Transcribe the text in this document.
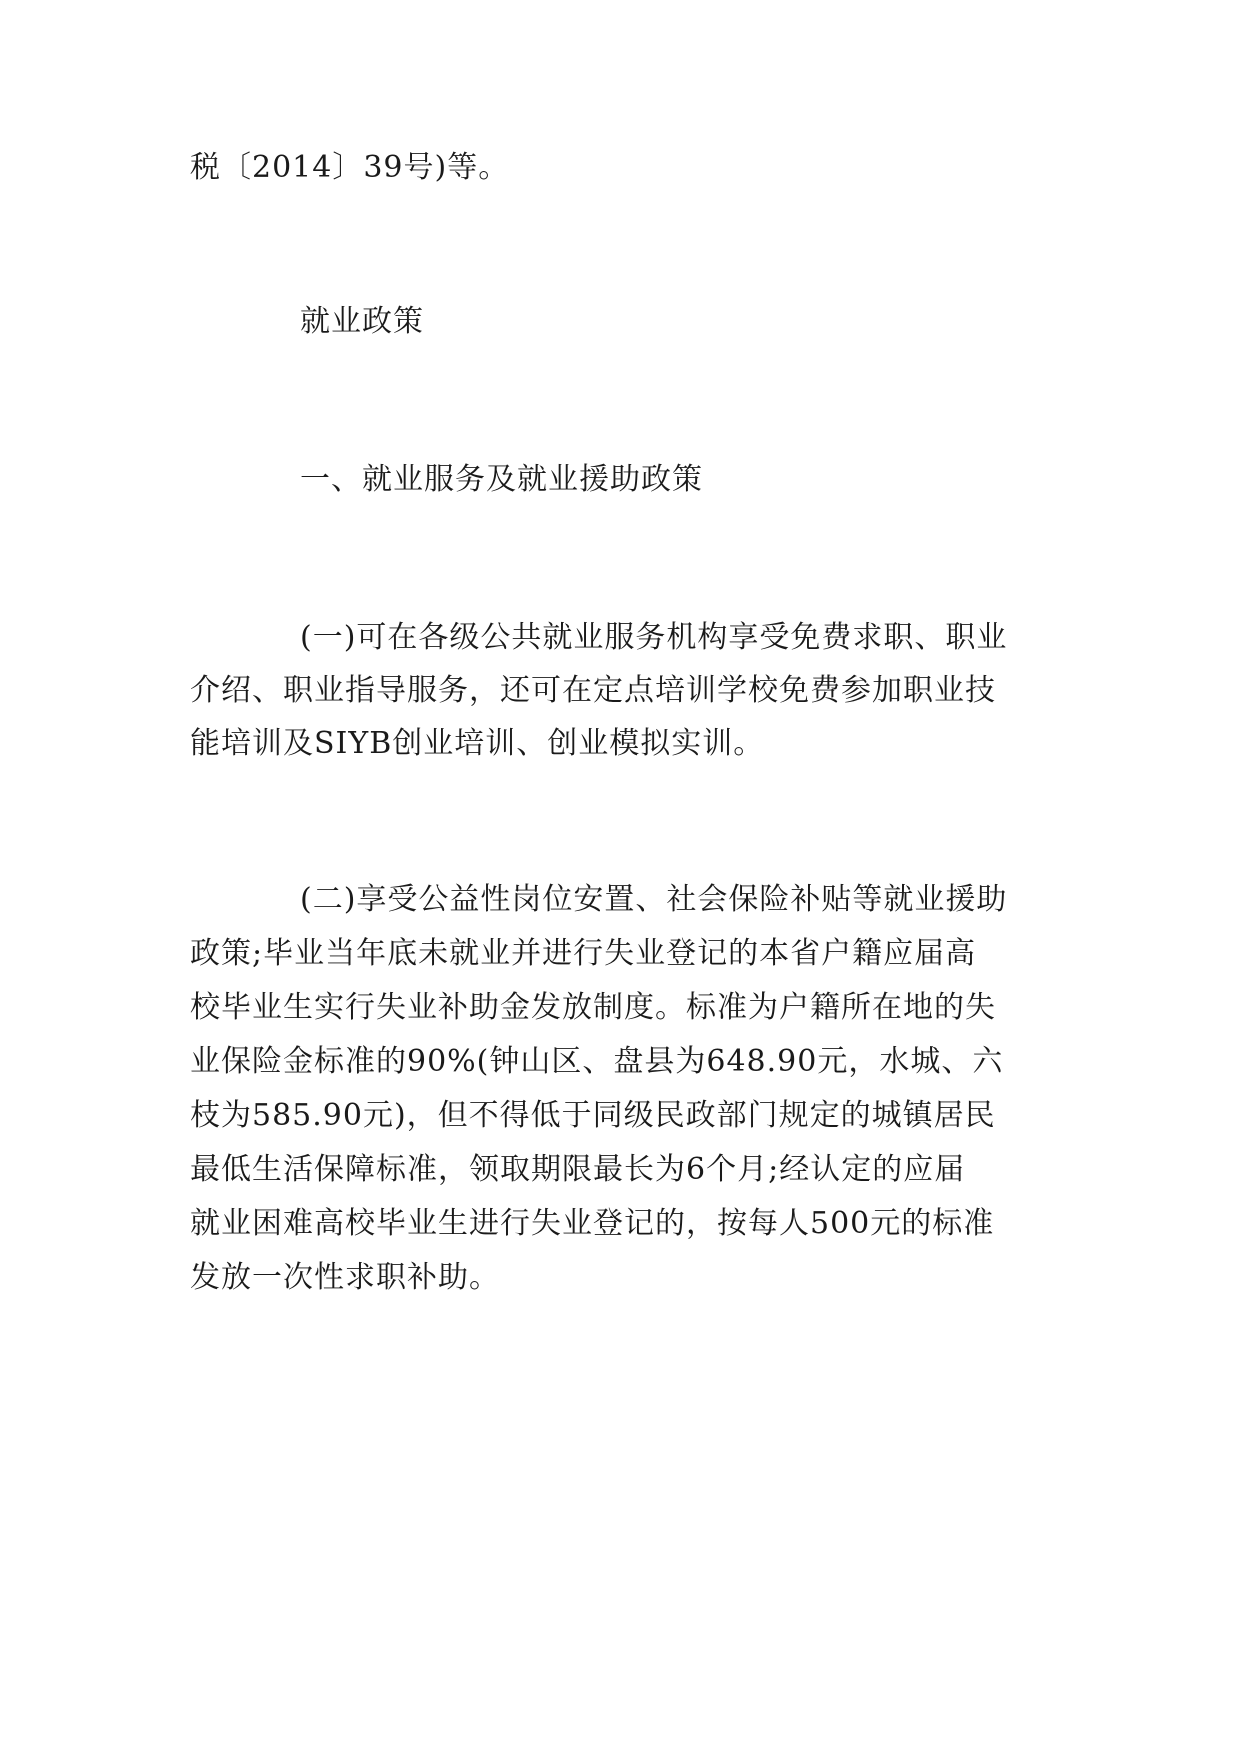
税〔2014〕39号)等。
就业政策
一、就业服务及就业援助政策
(一)可在各级公共就业服务机构享受免费求职、职业
介绍、职业指导服务，还可在定点培训学校免费参加职业技
能培训及SIYB创业培训、创业模拟实训。
(二)享受公益性岗位安置、社会保险补贴等就业援助
政策;毕业当年底未就业并进行失业登记的本省户籍应届高
校毕业生实行失业补助金发放制度。标准为户籍所在地的失
业保险金标准的90%(钟山区、盘县为648.90元，水城、六
枝为585.90元)，但不得低于同级民政部门规定的城镇居民
最低生活保障标准，领取期限最长为6个月;经认定的应届
就业困难高校毕业生进行失业登记的，按每人500元的标准
发放一次性求职补助。
